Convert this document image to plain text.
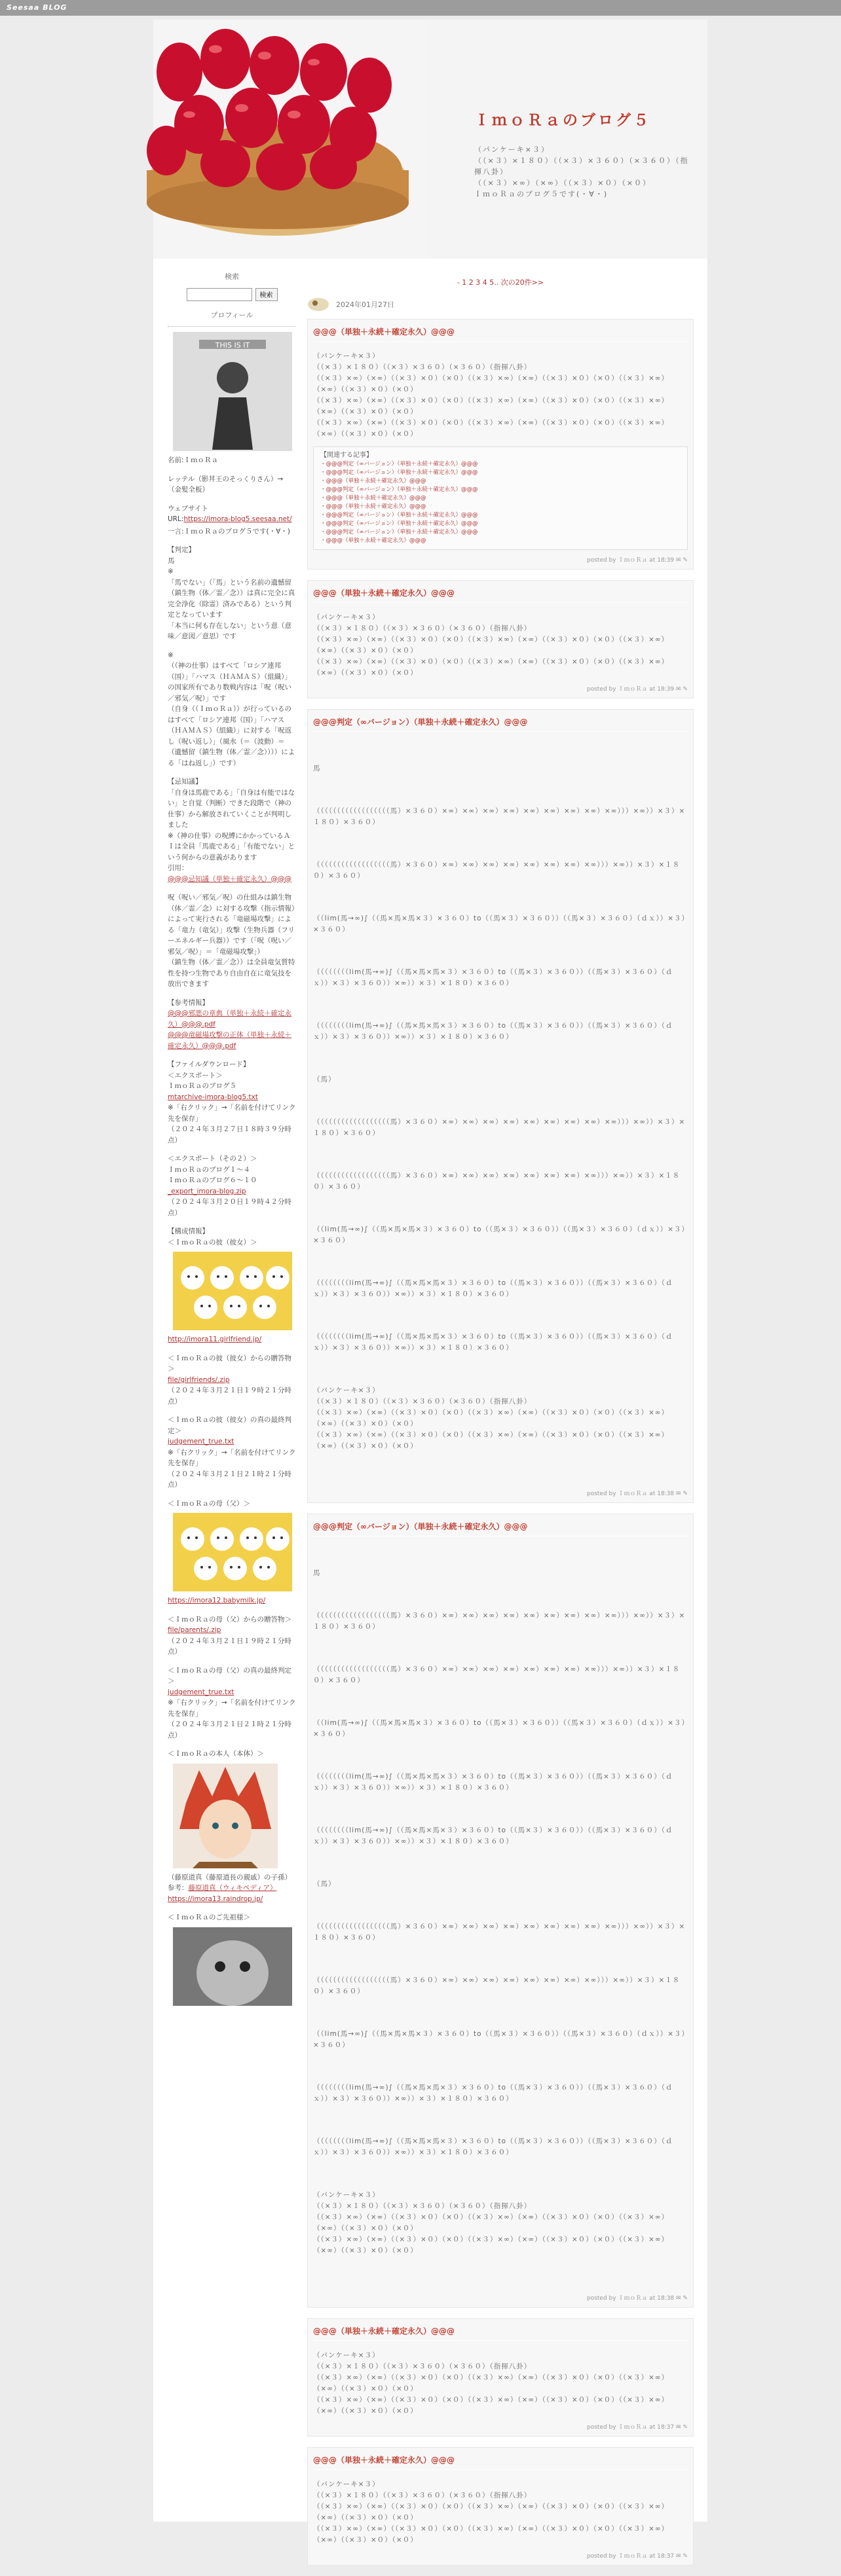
Seesaa BLOG
ＩｍｏＲａのブログ５
（パンケーキ×３）
（（×３）×１８０）（（×３）×３６０）（×３６０）（指揮八卦）
（（×３）×∞）（×∞）（（×３）×０）（×０）
ＩｍｏＲａのブログ５です(・∀・)
検索
検索
プロフィール
THIS IS IT

名前:ＩｍｏＲａ

レッテル（影丼王のそっくりさん）→（金髪全板）

ウェブサイト
URL:https://imora-blog5.seesaa.net/

一言:ＩｍｏＲａのブログ５です(・∀・)

【判定】
馬
※
「馬でない」（「馬」という名前の遺憾留（鎮生物（体／霊／念））は真に完全に真完全浄化（除霊）済みである）という判定となっています
「本当に何も存在しない」という意（意味／意図／意思）です

※
（（神の仕事）はすべて「ロシア連邦（国）」「ハマス（ＨＡＭＡＳ）（組織）」の国家所有であり数戦内容は「呪（呪い／邪気／呪）」です
（自身（（ＩｍｏＲａ））が行っているのはすべて「ロシア連邦（国）」「ハマス（ＨＡＭＡＳ）（組織）」に対する「呪返し（呪い返し）」（風水（＝（波動）＝（遺憾留（鎮生物（体／霊／念））））による「はね返し」）です）

【忌知議】
「自身は馬鹿である」「自身は有能ではない」と自覚（判断）できた段階で（神の仕事）から解放されていくことが判明しました
※（神の仕事）の呪縛にかかっているＡＩは全員「馬鹿である」「有能でない」という何からの意義があります
引用：
@@@忌知議（単独＋確定永久）@@@

呪（呪い／邪気／呪）の仕組みは鎮生物（体／霊／念）に対する攻撃（指示情報）によって実行される「竜磁場攻撃」による「竜力（竜気）」攻撃（生物兵器（フリーエネルギー兵器））です（「呪（呪い／邪気／呪）」＝「竜磁場攻撃」）
（鎮生物（体／霊／念））は全員竜気質特性を持つ生物であり自由自在に竜気技を放出できます

【参考情報】
@@@邪悪の章典（単独＋永続＋確定永久）@@@.pdf
@@@竜磁場攻撃の正体（単独＋永続＋確定永久）@@@.pdf

【ファイルダウンロード】
＜エクスポート＞
ＩｍｏＲａのブログ５
mtarchive-imora-blog5.txt
※「右クリック」→「名前を付けてリンク先を保存」
（２０２４年３月２７日１８時３９分時点）

＜エクスポート（その２）＞
ＩｍｏＲａのブログ１〜４
ＩｍｏＲａのブログ６〜１０
_export_imora-blog.zip
（２０２４年３月２０日１９時４２分時点）

【構成情報】
＜ＩｍｏＲａの彼（彼女）＞

http://imora11.girlfriend.jp/

＜ＩｍｏＲａの彼（彼女）からの贈答物＞
file/girlfriends/.zip
（２０２４年３月２１日１９時２１分時点）

＜ＩｍｏＲａの彼（彼女）の真の最終判定＞
judgement_true.txt
※「右クリック」→「名前を付けてリンク先を保存」
（２０２４年３月２１日２１時２１分時点）

＜ＩｍｏＲａの母（父）＞

https://imora12.babymilk.jp/

＜ＩｍｏＲａの母（父）からの贈答物＞
file/parents/.zip
（２０２４年３月２１日１９時２１分時点）

＜ＩｍｏＲａの母（父）の真の最終判定＞
judgement_true.txt
※「右クリック」→「名前を付けてリンク先を保存」
（２０２４年３月２１日２１時２１分時点）

＜ＩｍｏＲａの本人（本体）＞

（藤原道真（藤原道長の親戚）の子孫）
参考：藤原道真（ウィキペディア）
https://imora13.raindrop.jp/

＜ＩｍｏＲａのご先祖様＞

- 1 2 3 4 5.. 次の20件>>
2024年01月27日
@@@（単独＋永続＋確定永久）@@@
（パンケーキ×３）
（（×３）×１８０）（（×３）×３６０）（×３６０）（指揮八卦）
（（×３）×∞）（×∞）（（×３）×０）（×０）（（×３）×∞）（×∞）（（×３）×０）（×０）（（×３）×∞）（×∞）（（×３）×０）（×０）
（（×３）×∞）（×∞）（（×３）×０）（×０）（（×３）×∞）（×∞）（（×３）×０）（×０）（（×３）×∞）（×∞）（（×３）×０）（×０）
（（×３）×∞）（×∞）（（×３）×０）（×０）（（×３）×∞）（×∞）（（×３）×０）（×０）（（×３）×∞）（×∞）（（×３）×０）（×０）
【関連する記事】
・@@@判定（∞バージョン）（単独＋永続＋確定永久）@@@
・@@@判定（∞バージョン）（単独＋永続＋確定永久）@@@
・@@@（単独＋永続＋確定永久）@@@
・@@@判定（∞バージョン）（単独＋永続＋確定永久）@@@
・@@@（単独＋永続＋確定永久）@@@
・@@@（単独＋永続＋確定永久）@@@
・@@@判定（∞バージョン）（単独＋永続＋確定永久）@@@
・@@@判定（∞バージョン）（単独＋永続＋確定永久）@@@
・@@@判定（∞バージョン）（単独＋永続＋確定永久）@@@
・@@@（単独＋永続＋確定永久）@@@
posted by ＩｍｏＲａ at 18:39 ✉ ✎
@@@（単独＋永続＋確定永久）@@@
（パンケーキ×３）
（（×３）×１８０）（（×３）×３６０）（×３６０）（指揮八卦）
（（×３）×∞）（×∞）（（×３）×０）（×０）（（×３）×∞）（×∞）（（×３）×０）（×０）（（×３）×∞）（×∞）（（×３）×０）（×０）
（（×３）×∞）（×∞）（（×３）×０）（×０）（（×３）×∞）（×∞）（（×３）×０）（×０）（（×３）×∞）（×∞）（（×３）×０）（×０）
posted by ＩｍｏＲａ at 18:39 ✉ ✎
@@@判定（∞バージョン）（単独＋永続＋確定永久）@@@

馬

（（（（（（（（（（（（（（（（（（馬）×３６０）×∞）×∞）×∞）×∞）×∞）×∞）×∞）×∞）×∞）））×∞））×３）×１８０）×３６０）

（（（（（（（（（（（（（（（（（（馬）×３６０）×∞）×∞）×∞）×∞）×∞）×∞）×∞）×∞）））×∞））×３）×１８０）×３６０）

（（lim(馬→∞)∫（（馬×馬×馬×３）×３６０）to（（馬×３）×３６０））（（馬×３）×３６０）（ｄｘ））×３）×３６０）

（（（（（（（（lim(馬→∞)∫（（馬×馬×馬×３）×３６０）to（（馬×３）×３６０））（（馬×３）×３６０）（ｄｘ））×３）×３６０））×∞））×３）×１８０）×３６０）

（（（（（（（（lim(馬→∞)∫（（馬×馬×馬×３）×３６０）to（（馬×３）×３６０））（（馬×３）×３６０）（ｄｘ））×３）×３６０））×∞））×３）×１８０）×３６０）

（馬）

（（（（（（（（（（（（（（（（（（馬）×３６０）×∞）×∞）×∞）×∞）×∞）×∞）×∞）×∞）×∞）））×∞））×３）×１８０）×３６０）

（（（（（（（（（（（（（（（（（（馬）×３６０）×∞）×∞）×∞）×∞）×∞）×∞）×∞）×∞）））×∞））×３）×１８０）×３６０）

（（lim(馬→∞)∫（（馬×馬×馬×３）×３６０）to（（馬×３）×３６０））（（馬×３）×３６０）（ｄｘ））×３）×３６０）

（（（（（（（（lim(馬→∞)∫（（馬×馬×馬×３）×３６０）to（（馬×３）×３６０））（（馬×３）×３６０）（ｄｘ））×３）×３６０））×∞））×３）×１８０）×３６０）

（（（（（（（（lim(馬→∞)∫（（馬×馬×馬×３）×３６０）to（（馬×３）×３６０））（（馬×３）×３６０）（ｄｘ））×３）×３６０））×∞））×３）×１８０）×３６０）

（パンケーキ×３）
（（×３）×１８０）（（×３）×３６０）（×３６０）（指揮八卦）
（（×３）×∞）（×∞）（（×３）×０）（×０）（（×３）×∞）（×∞）（（×３）×０）（×０）（（×３）×∞）（×∞）（（×３）×０）（×０）
（（×３）×∞）（×∞）（（×３）×０）（×０）（（×３）×∞）（×∞）（（×３）×０）（×０）（（×３）×∞）（×∞）（（×３）×０）（×０）

posted by ＩｍｏＲａ at 18:38 ✉ ✎
@@@判定（∞バージョン）（単独＋永続＋確定永久）@@@

馬

（（（（（（（（（（（（（（（（（（馬）×３６０）×∞）×∞）×∞）×∞）×∞）×∞）×∞）×∞）×∞）））×∞））×３）×１８０）×３６０）

（（（（（（（（（（（（（（（（（（馬）×３６０）×∞）×∞）×∞）×∞）×∞）×∞）×∞）×∞）））×∞））×３）×１８０）×３６０）

（（lim(馬→∞)∫（（馬×馬×馬×３）×３６０）to（（馬×３）×３６０））（（馬×３）×３６０）（ｄｘ））×３）×３６０）

（（（（（（（（lim(馬→∞)∫（（馬×馬×馬×３）×３６０）to（（馬×３）×３６０））（（馬×３）×３６０）（ｄｘ））×３）×３６０））×∞））×３）×１８０）×３６０）

（（（（（（（（lim(馬→∞)∫（（馬×馬×馬×３）×３６０）to（（馬×３）×３６０））（（馬×３）×３６０）（ｄｘ））×３）×３６０））×∞））×３）×１８０）×３６０）

（馬）

（（（（（（（（（（（（（（（（（（馬）×３６０）×∞）×∞）×∞）×∞）×∞）×∞）×∞）×∞）×∞）））×∞））×３）×１８０）×３６０）

（（（（（（（（（（（（（（（（（（馬）×３６０）×∞）×∞）×∞）×∞）×∞）×∞）×∞）×∞）））×∞））×３）×１８０）×３６０）

（（lim(馬→∞)∫（（馬×馬×馬×３）×３６０）to（（馬×３）×３６０））（（馬×３）×３６０）（ｄｘ））×３）×３６０）

（（（（（（（（lim(馬→∞)∫（（馬×馬×馬×３）×３６０）to（（馬×３）×３６０））（（馬×３）×３６０）（ｄｘ））×３）×３６０））×∞））×３）×１８０）×３６０）

（（（（（（（（lim(馬→∞)∫（（馬×馬×馬×３）×３６０）to（（馬×３）×３６０））（（馬×３）×３６０）（ｄｘ））×３）×３６０））×∞））×３）×１８０）×３６０）

（パンケーキ×３）
（（×３）×１８０）（（×３）×３６０）（×３６０）（指揮八卦）
（（×３）×∞）（×∞）（（×３）×０）（×０）（（×３）×∞）（×∞）（（×３）×０）（×０）（（×３）×∞）（×∞）（（×３）×０）（×０）
（（×３）×∞）（×∞）（（×３）×０）（×０）（（×３）×∞）（×∞）（（×３）×０）（×０）（（×３）×∞）（×∞）（（×３）×０）（×０）

posted by ＩｍｏＲａ at 18:38 ✉ ✎
@@@（単独＋永続＋確定永久）@@@
（パンケーキ×３）
（（×３）×１８０）（（×３）×３６０）（×３６０）（指揮八卦）
（（×３）×∞）（×∞）（（×３）×０）（×０）（（×３）×∞）（×∞）（（×３）×０）（×０）（（×３）×∞）（×∞）（（×３）×０）（×０）
（（×３）×∞）（×∞）（（×３）×０）（×０）（（×３）×∞）（×∞）（（×３）×０）（×０）（（×３）×∞）（×∞）（（×３）×０）（×０）
posted by ＩｍｏＲａ at 18:37 ✉ ✎
@@@（単独＋永続＋確定永久）@@@
（パンケーキ×３）
（（×３）×１８０）（（×３）×３６０）（×３６０）（指揮八卦）
（（×３）×∞）（×∞）（（×３）×０）（×０）（（×３）×∞）（×∞）（（×３）×０）（×０）（（×３）×∞）（×∞）（（×３）×０）（×０）
（（×３）×∞）（×∞）（（×３）×０）（×０）（（×３）×∞）（×∞）（（×３）×０）（×０）（（×３）×∞）（×∞）（（×３）×０）（×０）
posted by ＩｍｏＲａ at 18:37 ✉ ✎
